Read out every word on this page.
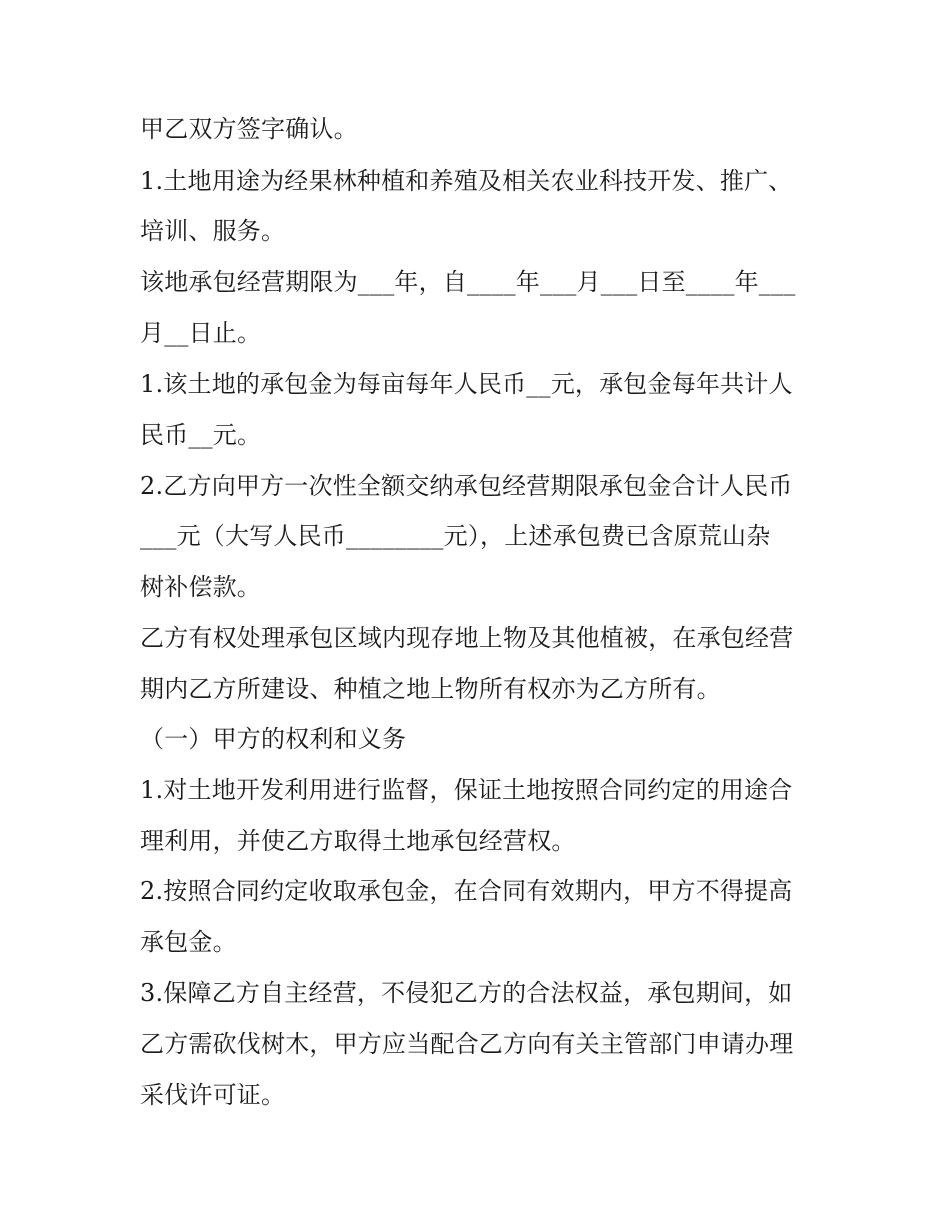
甲乙双方签字确认。
1.土地用途为经果林种植和养殖及相关农业科技开发、推广、
培训、服务。
该地承包经营期限为___年，自____年___月___日至____年___
月__日止。
1.该土地的承包金为每亩每年人民币__元，承包金每年共计人
民币__元。
2.乙方向甲方一次性全额交纳承包经营期限承包金合计人民币
___元（大写人民币________元），上述承包费已含原荒山杂
树补偿款。
乙方有权处理承包区域内现存地上物及其他植被，在承包经营
期内乙方所建设、种植之地上物所有权亦为乙方所有。
（一）甲方的权利和义务
1.对土地开发利用进行监督，保证土地按照合同约定的用途合
理利用，并使乙方取得土地承包经营权。
2.按照合同约定收取承包金，在合同有效期内，甲方不得提高
承包金。
3.保障乙方自主经营，不侵犯乙方的合法权益，承包期间，如
乙方需砍伐树木，甲方应当配合乙方向有关主管部门申请办理
采伐许可证。
